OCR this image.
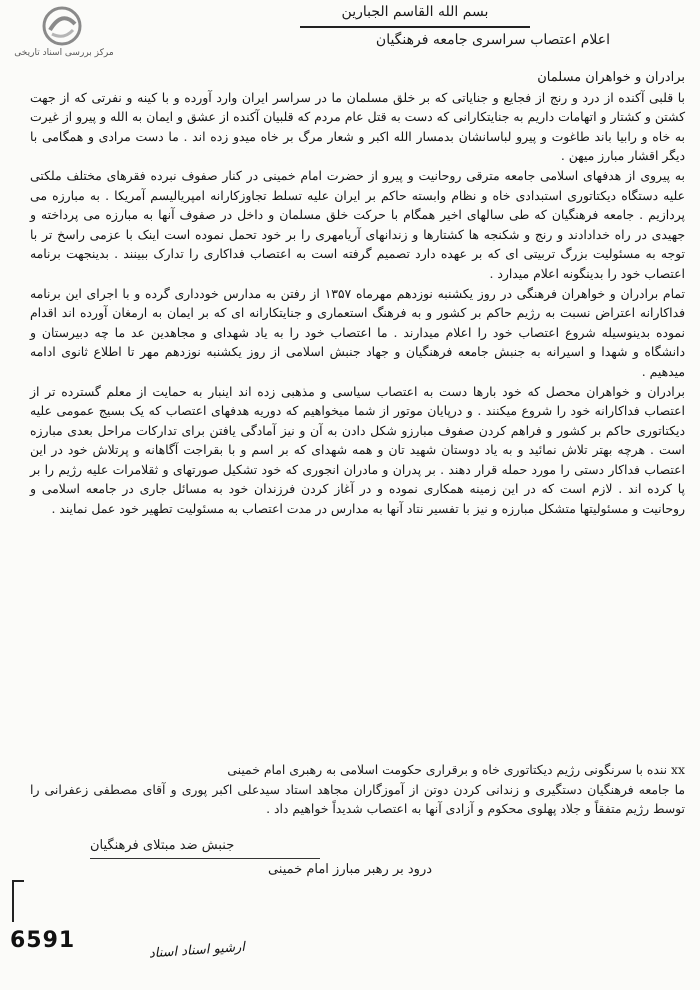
مرکز بررسی اسناد تاریخی
بسم الله القاسم الجبارين
اعلام اعتصاب سراسری جامعه فرهنگیان

برادران و خواهران مسلمان

با قلبی آکنده از درد و رنج از فجایع و جنایاتی که بر خلق مسلمان ما در سراسر ایران وارد آورده و با کینه و نفرتی که از جهت کشتن و کشتار و اتهامات داریم به جنایتکارانی که دست به قتل عام مردم که قلبیان آکنده از عشق و ایمان به الله و پیرو از غیرت به خاه و رابیا باند طاغوت و پیرو لباسانشان بدمسار الله اکبر و شعار مرگ بر خاه میدو زده اند . ما دست مرادی و همگامی با دیگر اقشار مبارز میهن .

به پیروی از هدفهای اسلامی جامعه مترقی روحانیت و پیرو از حضرت امام خمینی در کنار صفوف نبرده فقرهای مختلف ملکتی علیه دستگاه دیکتاتوری استبدادی خاه و نظام وابسته حاکم بر ایران علیه تسلط تجاوزکارانه امپریالیسم آمریکا . به مبارزه می پردازیم . جامعه فرهنگیان که طی سالهای اخیر همگام با حرکت خلق مسلمان و داخل در صفوف آنها به مبارزه می پرداخته و جهیدی در راه خدادادند و رنج و شکنجه ها کشتارها و زندانهای آریامهری را بر خود تحمل نموده است اینک با عزمی راسخ تر با توجه به مسئولیت بزرگ تربیتی ای که بر عهده دارد تصمیم گرفته است به اعتصاب فداکاری را تدارک ببینند . بدینجهت برنامه اعتصاب خود را بدینگونه اعلام میدارد .

تمام برادران و خواهران فرهنگی در روز یکشنبه نوزدهم مهرماه ۱۳۵۷ از رفتن به مدارس خودداری گرده و با اجرای این برنامه فداکارانه اعتراض نسبت به رژیم حاکم بر کشور و به فرهنگ استعماری و جنایتکارانه ای که بر ایمان به ارمغان آورده اند اقدام نموده بدینوسیله شروع اعتصاب خود را اعلام میدارند . ما اعتصاب خود را به یاد شهدای و مجاهدین عد ما چه دبیرستان و دانشگاه و شهدا و اسیرانه به جنبش جامعه فرهنگیان و جهاد جنبش اسلامی از روز یکشنبه نوزدهم مهر تا اطلاع ثانوی ادامه میدهیم .

برادران و خواهران محصل که خود بارها دست به اعتصاب سیاسی و مذهبی زده اند اینبار به حمایت از معلم گسترده تر از اعتصاب فداکارانه خود را شروع میکنند . و درپایان موتور از شما میخواهیم که دوریه هدفهای اعتصاب که یک بسیج عمومی علیه دیکتاتوری حاکم بر کشور و فراهم کردن صفوف مبارزو شکل دادن به آن و نیز آمادگی یافتن برای تدارکات مراحل بعدی مبارزه است . هرچه بهتر تلاش نمائید و به یاد دوستان شهید تان و همه شهدای که بر اسم و با بقراجت آگاهانه و پرتلاش خود در این اعتصاب فداکار دستی را مورد حمله قرار دهند . بر پدران و مادران انجوری که خود تشکیل صورتهای و ثقلامرات علیه رژیم را بر پا کرده اند . لازم است که در این زمینه همکاری نموده و در آغاز کردن فرزندان خود به مسائل جاری در جامعه اسلامی و روحانیت و مسئولیتها متشکل مبارزه و نیز با تفسیر نتاد آنها به مدارس در مدت اعتصاب به مسئولیت تطهیر خود عمل نمایند .

xx ننده با سرنگونی رژیم دیکتاتوری خاه و برقراری حکومت اسلامی به رهبری امام خمینی

ما جامعه فرهنگیان دستگیری و زندانی کردن دوتن از آموزگاران مجاهد استاد سیدعلی اکبر پوری و آقای مصطفی زعفرانی را توسط رژیم متفقاً و جلاد پهلوی محکوم و آزادی آنها به اعتصاب شدیداً خواهیم داد .

جنبش ضد مبتلای فرهنگیان
درود بر رهبر مبارز امام خمینی
6591	ارشیو اسناد اسناد
